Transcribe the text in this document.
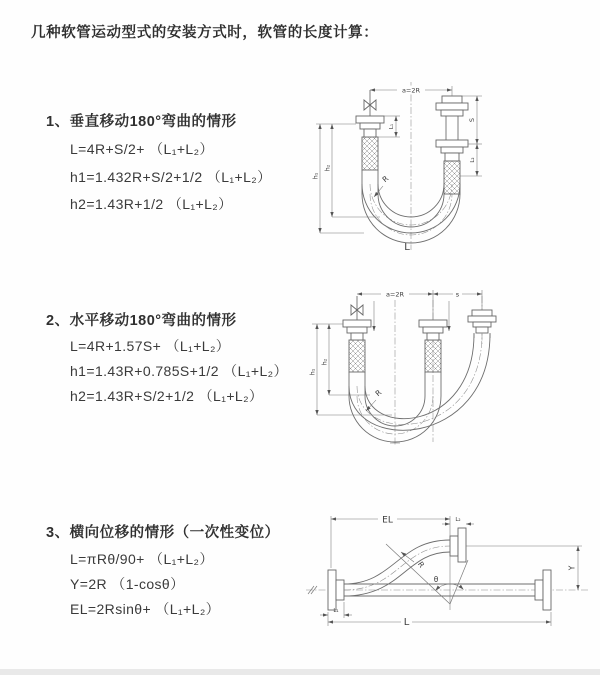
几种软管运动型式的安装方式时，软管的长度计算：
1、垂直移动180°弯曲的情形
L=4R+S/2+ （L₁+L₂）
h1=1.432R+S/2+1/2 （L₁+L₂）
h2=1.43R+1/2 （L₁+L₂）
2、水平移动180°弯曲的情形
L=4R+1.57S+ （L₁+L₂）
h1=1.43R+0.785S+1/2 （L₁+L₂）
h2=1.43R+S/2+1/2 （L₁+L₂）
3、横向位移的情形（一次性变位）
L=πRθ/90+ （L₁+L₂）
Y=2R （1-cosθ）
EL=2Rsinθ+ （L₁+L₂）
a=2R
S
L₂
h₁
h₂
L₁
R
L
a=2R	s
h₁
h₂
R
θ
EL	L₂
Y
R
L
L₁
